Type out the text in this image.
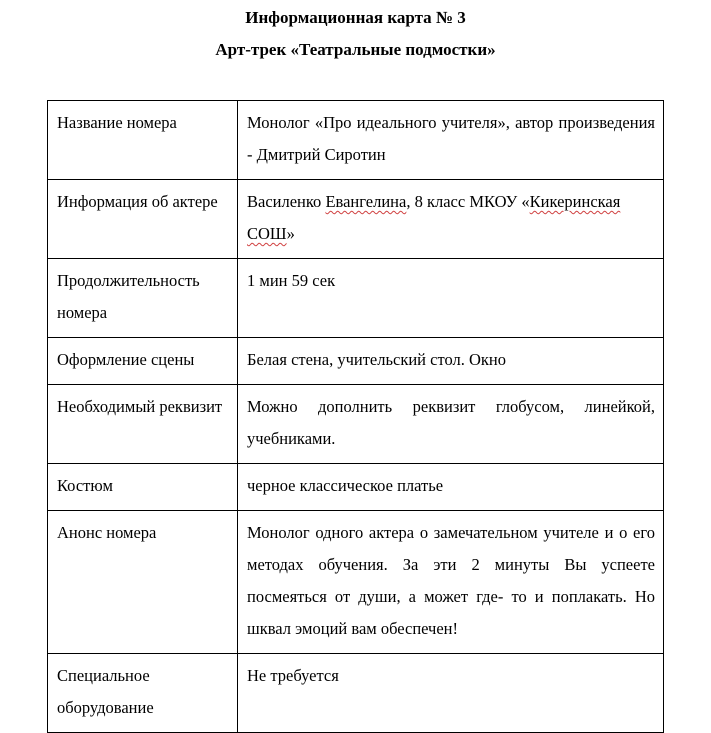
Информационная карта № 3
Арт-трек «Театральные подмостки»
Название номера	Монолог «Про идеального учителя», автор произведения - Дмитрий Сиротин
Информация об актере	Василенко Евангелина, 8 класс МКОУ «Кикеринская СОШ»
Продолжительность номера	1 мин 59 сек
Оформление сцены	Белая стена, учительский стол. Окно
Необходимый реквизит	Можно дополнить реквизит глобусом, линейкой, учебниками.
Костюм	черное классическое платье
Анонс номера	Монолог одного актера о замечательном учителе и о его методах обучения. За эти 2 минуты Вы успеете посмеяться от души, а может где- то и поплакать. Но шквал эмоций вам обеспечен!
Специальное оборудование	Не требуется
